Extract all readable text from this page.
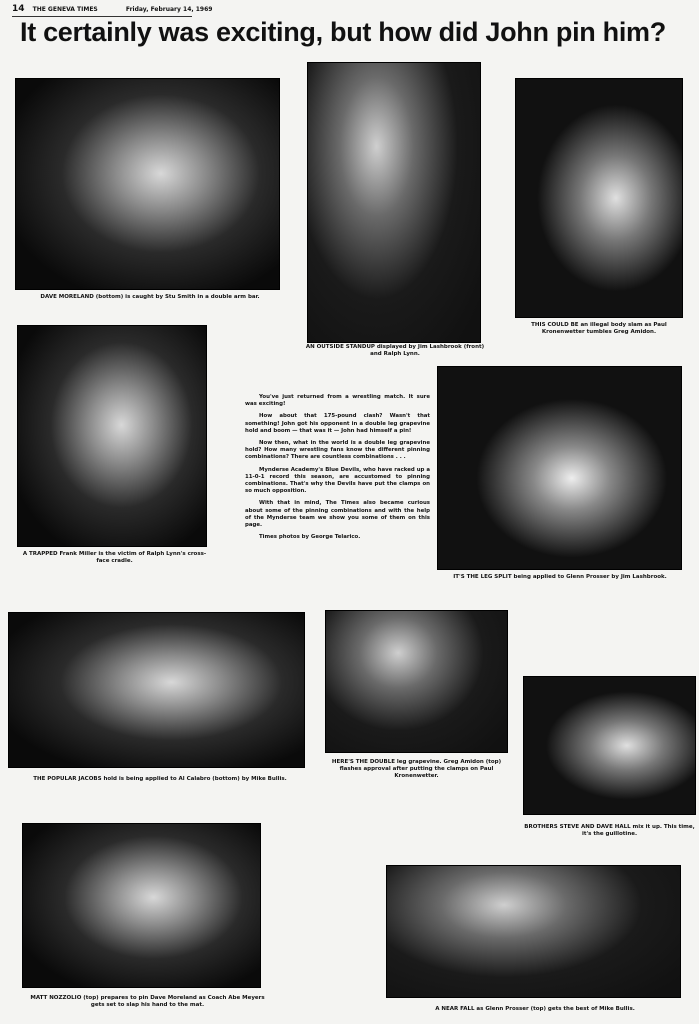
14 THE GENEVA TIMES	Friday, February 14, 1969
It certainly was exciting, but how did John pin him?
DAVE MORELAND (bottom) is caught by Stu Smith in a double arm bar.
AN OUTSIDE STANDUP displayed by Jim Lashbrook (front) and Ralph Lynn.
THIS COULD BE an illegal body slam as Paul Kronenwetter tumbles Greg Amidon.
A TRAPPED Frank Miller is the victim of Ralph Lynn's cross-face cradle.

You've just returned from a wrestling match. It sure was exciting!

How about that 175-pound clash? Wasn't that something! John got his opponent in a double leg grapevine hold and boom — that was it — John had himself a pin!

Now then, what in the world is a double leg grapevine hold? How many wrestling fans know the different pinning combinations? There are countless combinations . . .

Mynderse Academy's Blue Devils, who have racked up a 11-0-1 record this season, are accustomed to pinning combinations. That's why the Devils have put the clamps on so much opposition.

With that in mind, The Times also became curious about some of the pinning combinations and with the help of the Mynderse team we show you some of them on this page.

Times photos by George Telarico.

IT'S THE LEG SPLIT being applied to Glenn Prosser by Jim Lashbrook.
THE POPULAR JACOBS hold is being applied to Al Calabro (bottom) by Mike Bullis.
HERE'S THE DOUBLE leg grapevine. Greg Amidon (top) flashes approval after putting the clamps on Paul Kronenwetter.
BROTHERS STEVE AND DAVE HALL mix it up. This time, it's the guillotine.
MATT NOZZOLIO (top) prepares to pin Dave Moreland as Coach Abe Meyers gets set to slap his hand to the mat.
A NEAR FALL as Glenn Prosser (top) gets the best of Mike Bullis.
